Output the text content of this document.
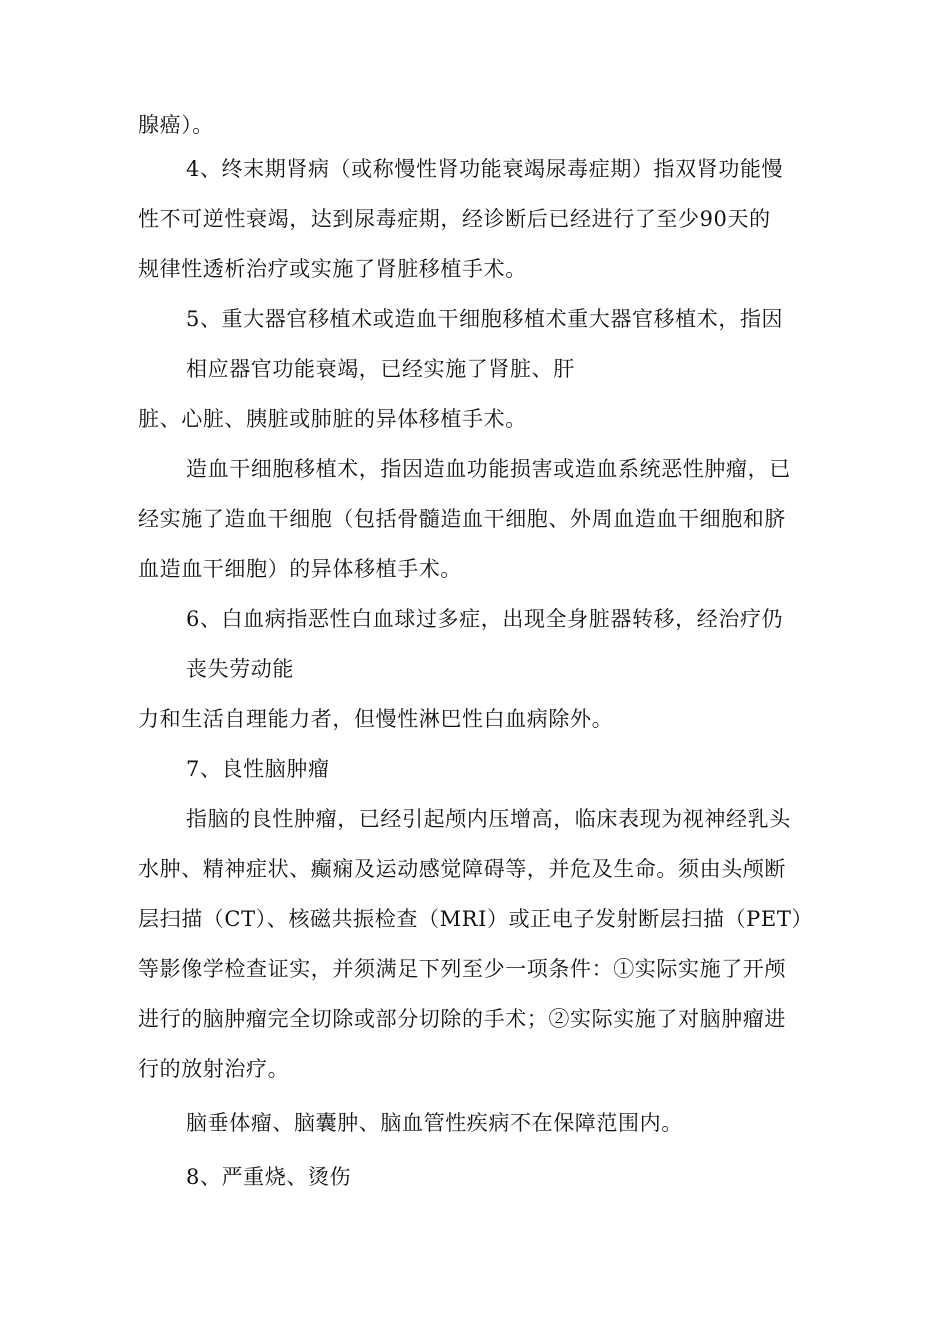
腺癌）。
4、终末期肾病（或称慢性肾功能衰竭尿毒症期）指双肾功能慢
性不可逆性衰竭，达到尿毒症期，经诊断后已经进行了至少90天的
规律性透析治疗或实施了肾脏移植手术。
5、重大器官移植术或造血干细胞移植术重大器官移植术，指因
相应器官功能衰竭，已经实施了肾脏、肝
脏、心脏、胰脏或肺脏的异体移植手术。
造血干细胞移植术，指因造血功能损害或造血系统恶性肿瘤，已
经实施了造血干细胞（包括骨髓造血干细胞、外周血造血干细胞和脐
血造血干细胞）的异体移植手术。
6、白血病指恶性白血球过多症，出现全身脏器转移，经治疗仍
丧失劳动能
力和生活自理能力者，但慢性淋巴性白血病除外。
7、良性脑肿瘤
指脑的良性肿瘤，已经引起颅内压增高，临床表现为视神经乳头
水肿、精神症状、癫痫及运动感觉障碍等，并危及生命。须由头颅断
层扫描（CT）、核磁共振检查（MRI）或正电子发射断层扫描（PET）
等影像学检查证实，并须满足下列至少一项条件：①实际实施了开颅
进行的脑肿瘤完全切除或部分切除的手术；②实际实施了对脑肿瘤进
行的放射治疗。
脑垂体瘤、脑囊肿、脑血管性疾病不在保障范围内。
8、严重烧、烫伤
